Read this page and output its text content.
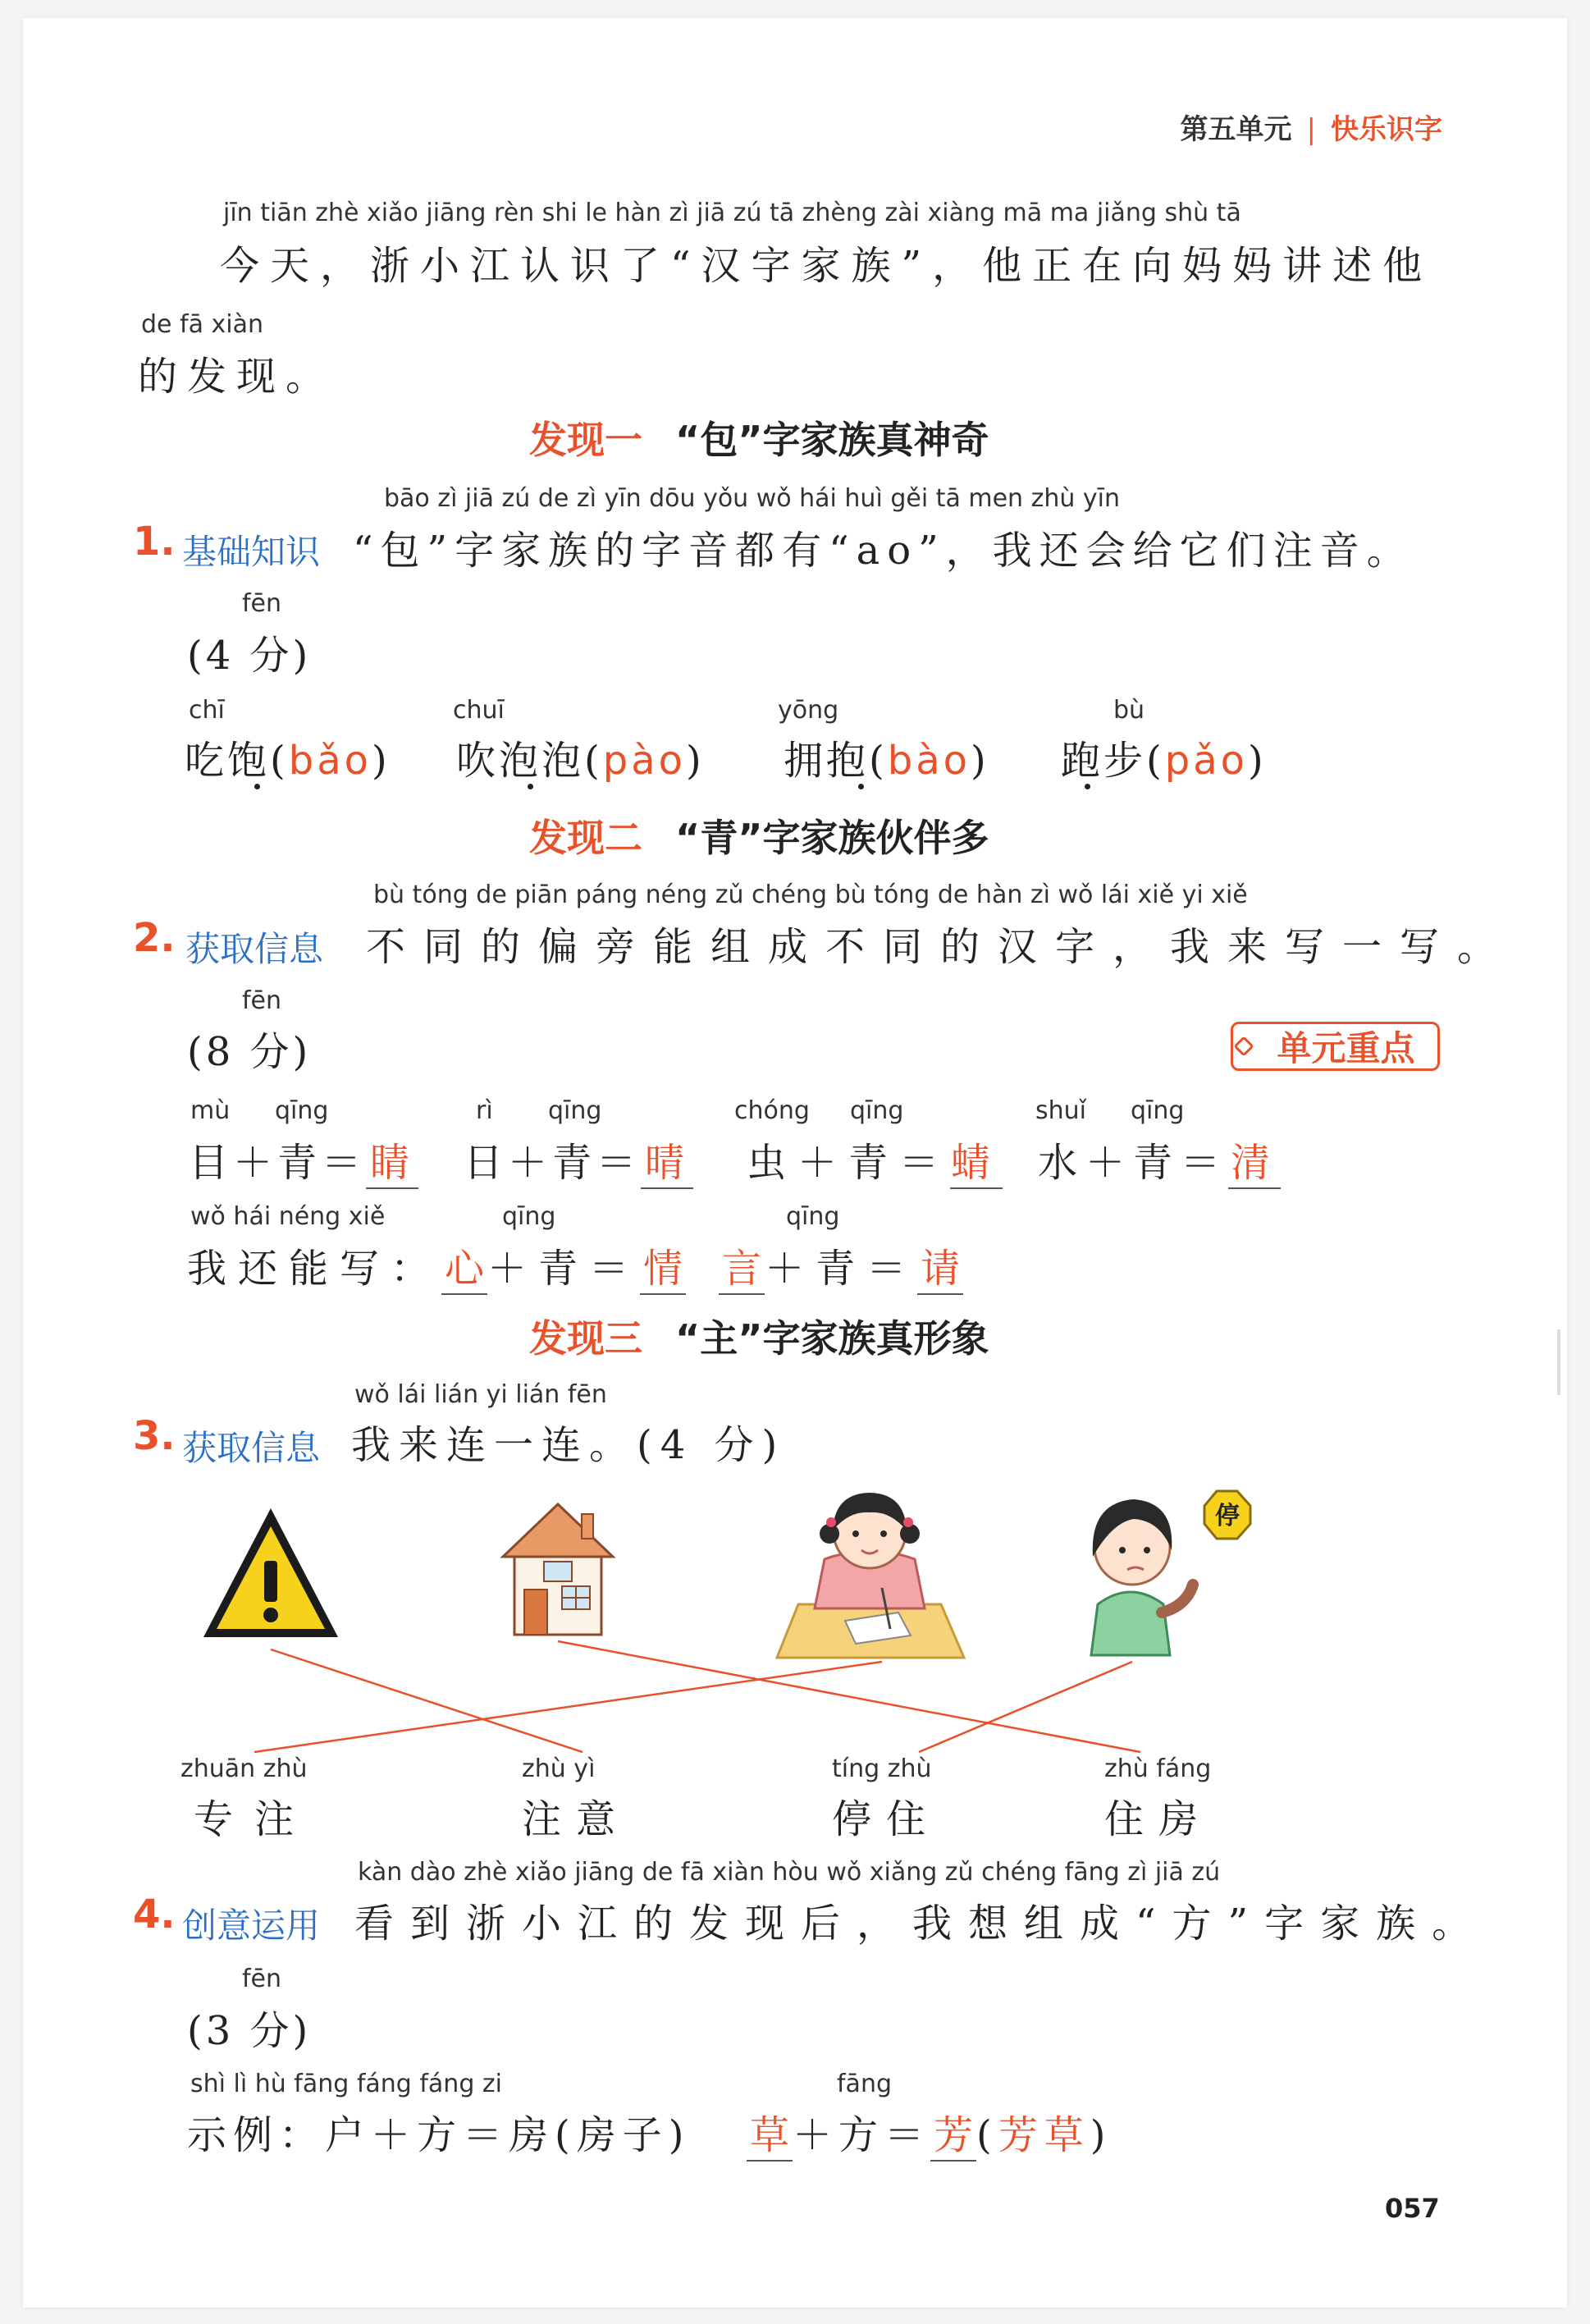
第五单元 | 快乐识字
jīn tiān zhè xiǎo jiāng rèn shi le hàn zì jiā zú tā zhèng zài xiàng mā ma jiǎng shù tā
今天，浙小江认识了“汉字家族”，他正在向妈妈讲述他
de fā xiàn
的发现。
发现一 “包”字家族真神奇
bāo zì jiā zú de zì yīn dōu yǒu wǒ hái huì gěi tā men zhù yīn
1. 基础知识 “包”字家族的字音都有“ao”，我还会给它们注音。
fēn
(4 分)
chī
吃饱(bǎo)
chuī
吹泡泡(pào)
yōng
拥抱(bào)
bù
跑步(pǎo)
发现二 “青”字家族伙伴多
bù tóng de piān páng néng zǔ chéng bù tóng de hàn zì wǒ lái xiě yi xiě
2. 获取信息 不同的偏旁能组成不同的汉字，我来写一写。
fēn
(8 分)	单元重点
mù qīng
目＋青＝ 睛
rì qīng
日＋青＝ 晴
chóng qīng
虫＋青＝蜻
shuǐ qīng
水＋青＝清
wǒ hái néng xiě	qīng	qīng
我还能写：心＋青＝情 言＋青＝请
发现三 “主”字家族真形象
wǒ lái lián yi lián fēn
3. 获取信息 我来连一连。(4 分)
停
zhuān zhù
专注
zhù yì
注意
tíng zhù
停住
zhù fáng
住房
kàn dào zhè xiǎo jiāng de fā xiàn hòu wǒ xiǎng zǔ chéng fāng zì jiā zú
4. 创意运用 看到浙小江的发现后，我想组成“方”字家族。
fēn
(3 分)
shì lì hù fāng fáng fáng zi
示例：户＋方＝房(房子)
fāng
草＋方＝芳(芳草)
057
